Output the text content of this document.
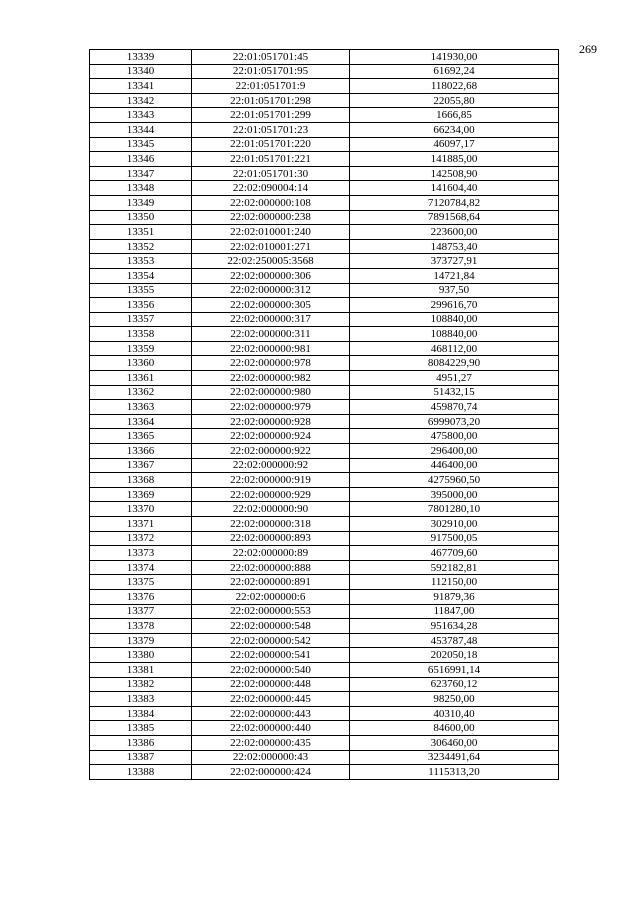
269
13339	22:01:051701:45	141930,00
13340	22:01:051701:95	61692,24
13341	22:01:051701:9	118022,68
13342	22:01:051701:298	22055,80
13343	22:01:051701:299	1666,85
13344	22:01:051701:23	66234,00
13345	22:01:051701:220	46097,17
13346	22:01:051701:221	141885,00
13347	22:01:051701:30	142508,90
13348	22:02:090004:14	141604,40
13349	22:02:000000:108	7120784,82
13350	22:02:000000:238	7891568,64
13351	22:02:010001:240	223600,00
13352	22:02:010001:271	148753,40
13353	22:02:250005:3568	373727,91
13354	22:02:000000:306	14721,84
13355	22:02:000000:312	937,50
13356	22:02:000000:305	299616,70
13357	22:02:000000:317	108840,00
13358	22:02:000000:311	108840,00
13359	22:02:000000:981	468112,00
13360	22:02:000000:978	8084229,90
13361	22:02:000000:982	4951,27
13362	22:02:000000:980	51432,15
13363	22:02:000000:979	459870,74
13364	22:02:000000:928	6999073,20
13365	22:02:000000:924	475800,00
13366	22:02:000000:922	296400,00
13367	22:02:000000:92	446400,00
13368	22:02:000000:919	4275960,50
13369	22:02:000000:929	395000,00
13370	22:02:000000:90	7801280,10
13371	22:02:000000:318	302910,00
13372	22:02:000000:893	917500,05
13373	22:02:000000:89	467709,60
13374	22:02:000000:888	592182,81
13375	22:02:000000:891	112150,00
13376	22:02:000000:6	91879,36
13377	22:02:000000:553	11847,00
13378	22:02:000000:548	951634,28
13379	22:02:000000:542	453787,48
13380	22:02:000000:541	202050,18
13381	22:02:000000:540	6516991,14
13382	22:02:000000:448	623760,12
13383	22:02:000000:445	98250,00
13384	22:02:000000:443	40310,40
13385	22:02:000000:440	84600,00
13386	22:02:000000:435	306460,00
13387	22:02:000000:43	3234491,64
13388	22:02:000000:424	1115313,20
